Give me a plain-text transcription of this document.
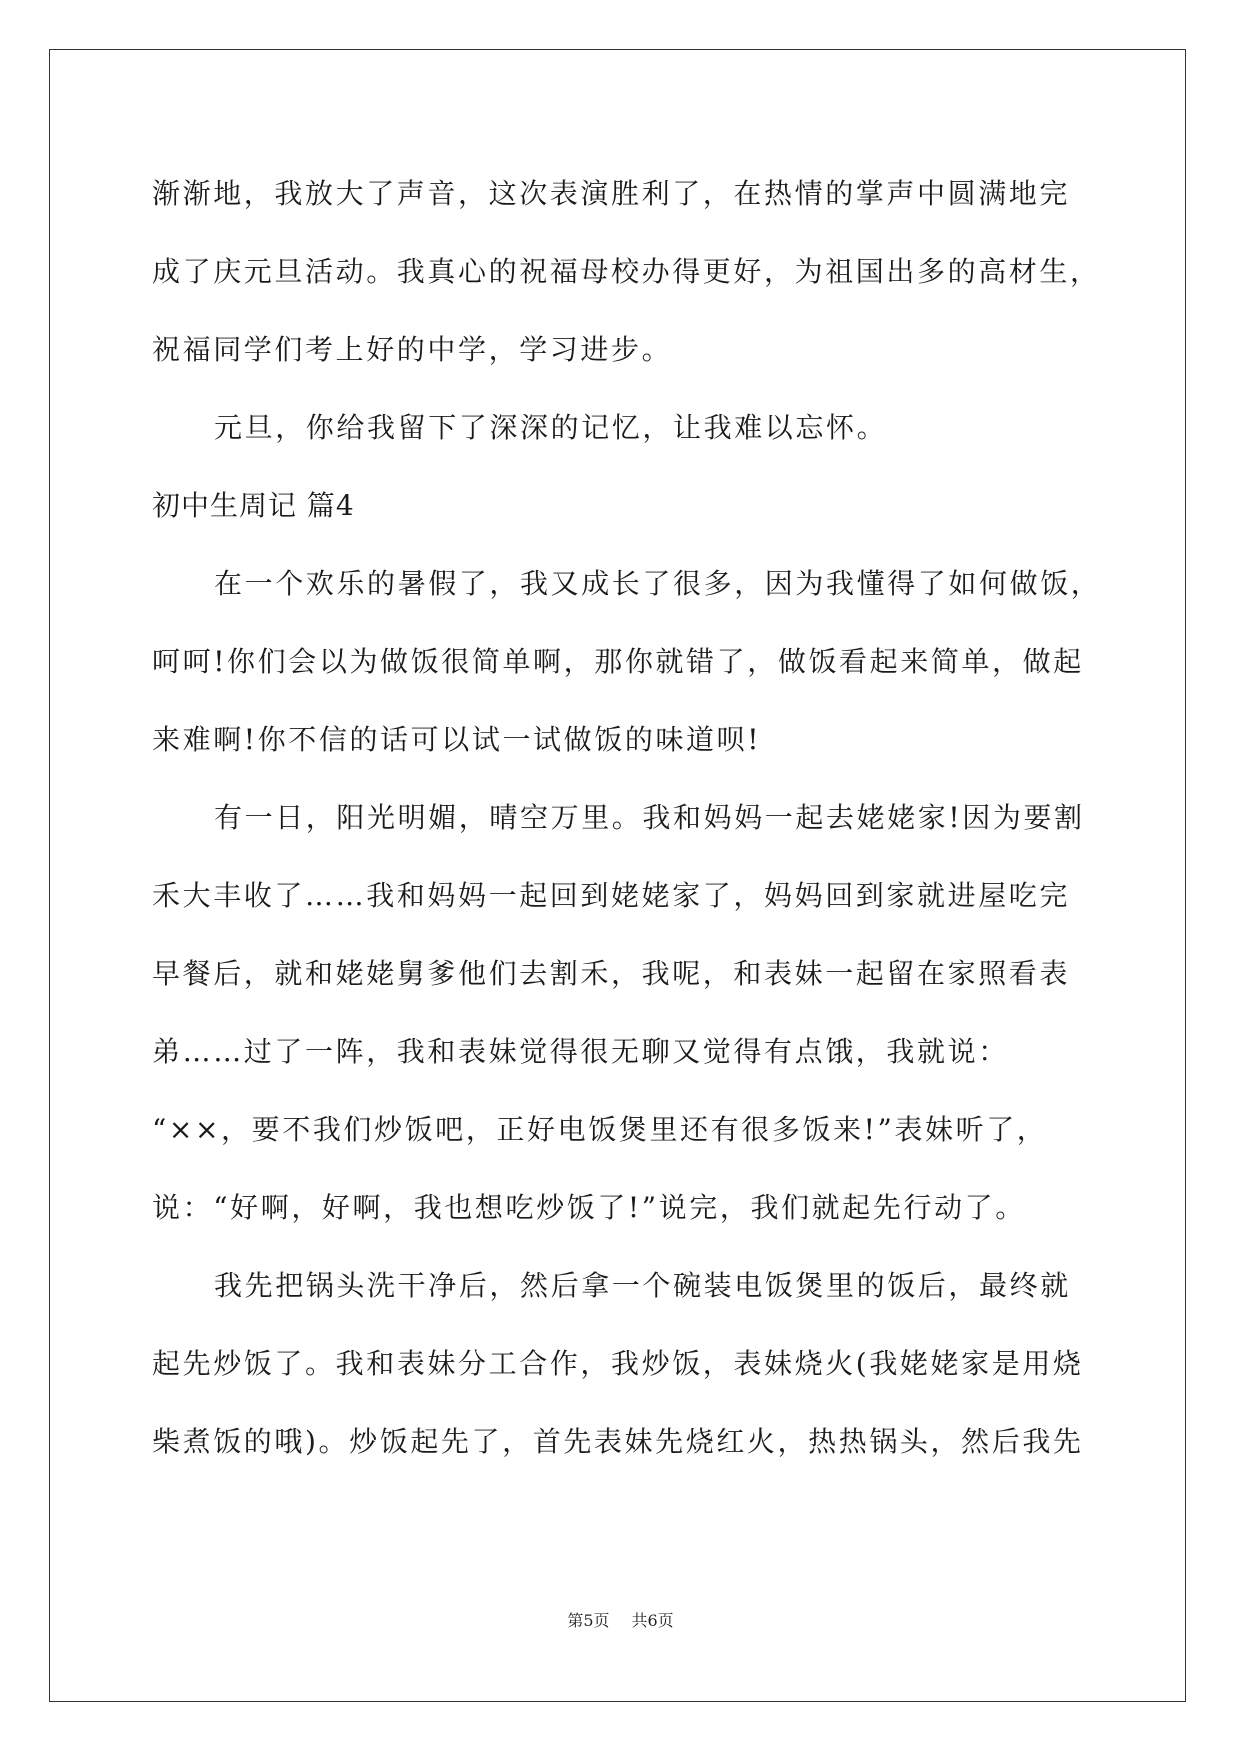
渐渐地，我放大了声音，这次表演胜利了，在热情的掌声中圆满地完
成了庆元旦活动。我真心的祝福母校办得更好，为祖国出多的高材生，
祝福同学们考上好的中学，学习进步。
元旦，你给我留下了深深的记忆，让我难以忘怀。
初中生周记 篇4
在一个欢乐的暑假了，我又成长了很多，因为我懂得了如何做饭，
呵呵!你们会以为做饭很简单啊，那你就错了，做饭看起来简单，做起
来难啊!你不信的话可以试一试做饭的味道呗!
有一日，阳光明媚，晴空万里。我和妈妈一起去姥姥家!因为要割
禾大丰收了……我和妈妈一起回到姥姥家了，妈妈回到家就进屋吃完
早餐后，就和姥姥舅爹他们去割禾，我呢，和表妹一起留在家照看表
弟……过了一阵，我和表妹觉得很无聊又觉得有点饿，我就说：
“××，要不我们炒饭吧，正好电饭煲里还有很多饭来!”表妹听了，
说：“好啊，好啊，我也想吃炒饭了!”说完，我们就起先行动了。
我先把锅头洗干净后，然后拿一个碗装电饭煲里的饭后，最终就
起先炒饭了。我和表妹分工合作，我炒饭，表妹烧火(我姥姥家是用烧
柴煮饭的哦)。炒饭起先了，首先表妹先烧红火，热热锅头，然后我先
第5页 共6页
